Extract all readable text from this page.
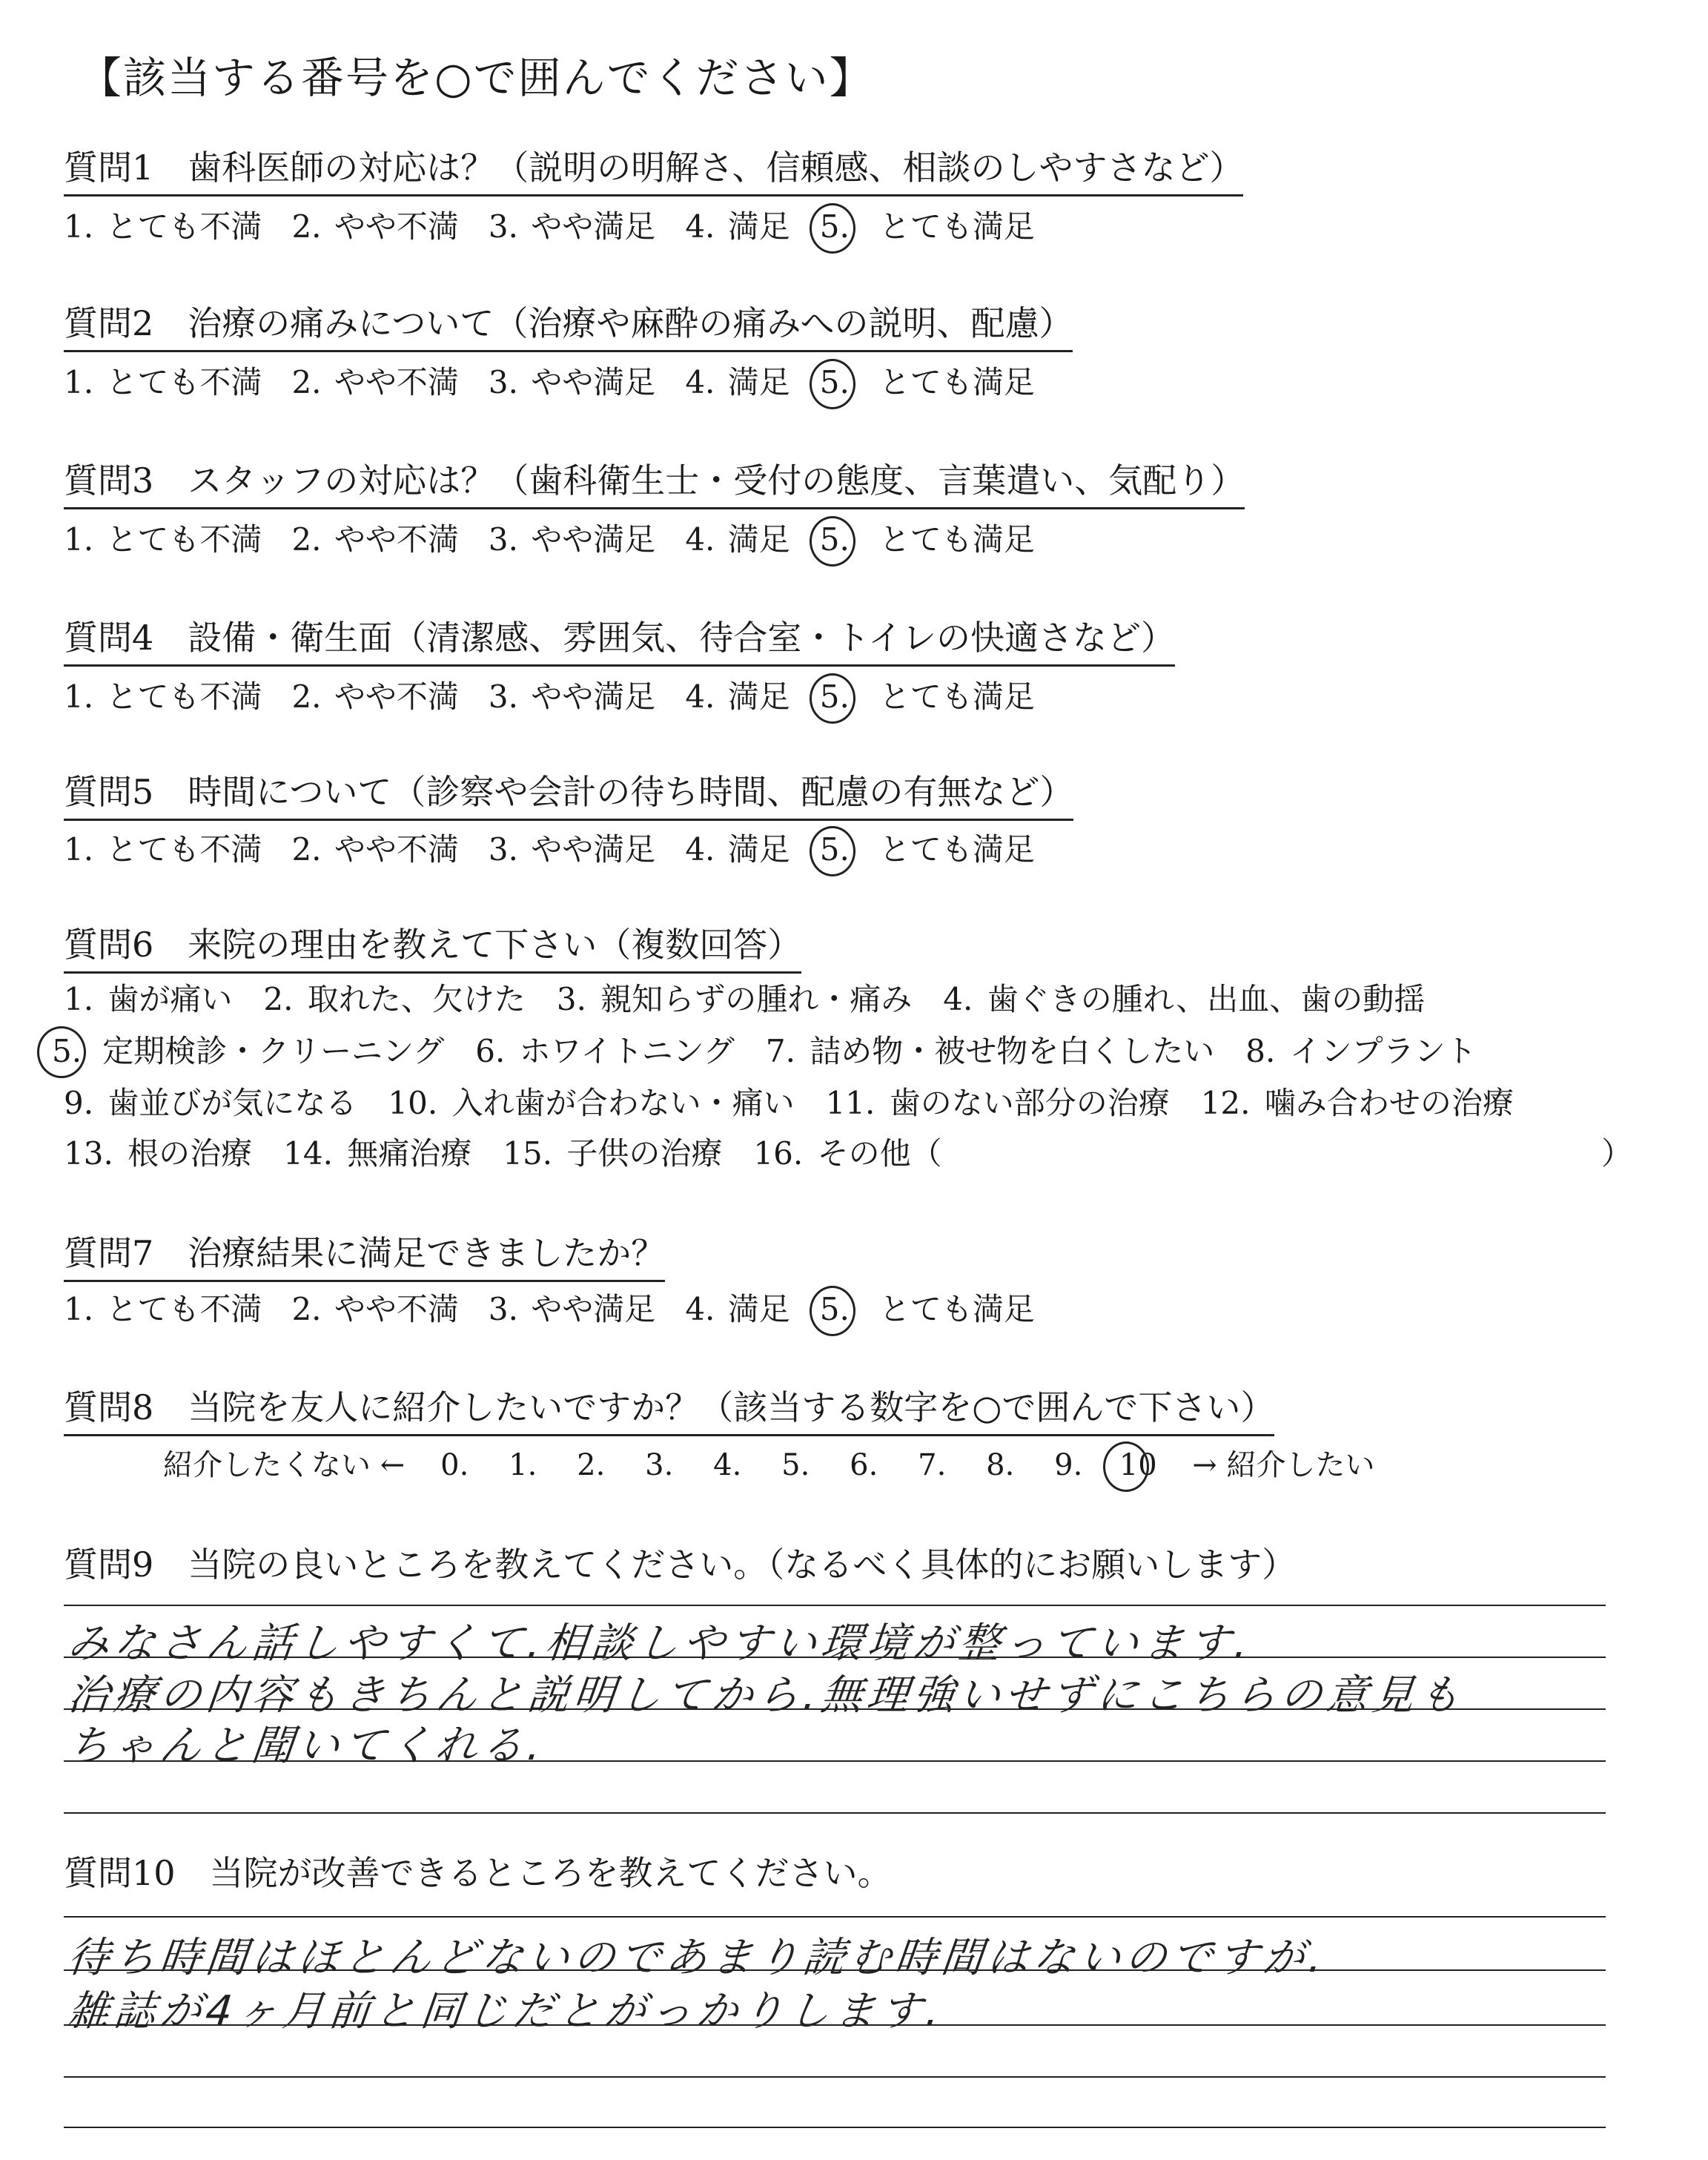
【該当する番号を○で囲んでください】
質問1　 歯科医師の対応は？（説明の明解さ、信頼感、相談のしやすさなど）
1. とても不満 2. やや不満 3. やや満足 4. 満足 5. とても満足
質問2　 治療の痛みについて（治療や麻酔の痛みへの説明、配慮）
1. とても不満 2. やや不満 3. やや満足 4. 満足 5. とても満足
質問3　 スタッフの対応は？（歯科衛生士・受付の態度、言葉遣い、気配り）
1. とても不満 2. やや不満 3. やや満足 4. 満足 5. とても満足
質問4　 設備・衛生面（清潔感、雰囲気、待合室・トイレの快適さなど）
1. とても不満 2. やや不満 3. やや満足 4. 満足 5. とても満足
質問5　 時間について（診察や会計の待ち時間、配慮の有無など）
1. とても不満 2. やや不満 3. やや満足 4. 満足 5. とても満足
質問6　 来院の理由を教えて下さい（複数回答）
1. 歯が痛い　2. 取れた、欠けた　3. 親知らずの腫れ・痛み　4. 歯ぐきの腫れ、出血、歯の動揺
5. 定期検診・クリーニング　6. ホワイトニング　7. 詰め物・被せ物を白くしたい　8. インプラント
9. 歯並びが気になる　10. 入れ歯が合わない・痛い　11. 歯のない部分の治療　12. 噛み合わせの治療
13. 根の治療　14. 無痛治療　15. 子供の治療　16. その他（	）
質問7　 治療結果に満足できましたか？
1. とても不満 2. やや不満 3. やや満足 4. 満足 5. とても満足
質問8　 当院を友人に紹介したいですか？（該当する数字を○で囲んで下さい）
紹介したくない ← 0. 1. 2. 3. 4. 5. 6. 7. 8. 9. 10 → 紹介したい
質問9　 当院の良いところを教えてください。（なるべく具体的にお願いします）
みなさん話しやすくて.相談しやすい環境が整っています.
治療の内容もきちんと説明してから.無理強いせずにこちらの意見も
ちゃんと聞いてくれる.
質問10　 当院が改善できるところを教えてください。
待ち時間はほとんどないのであまり読む時間はないのですが.
雑誌が4ヶ月前と同じだとがっかりします.
